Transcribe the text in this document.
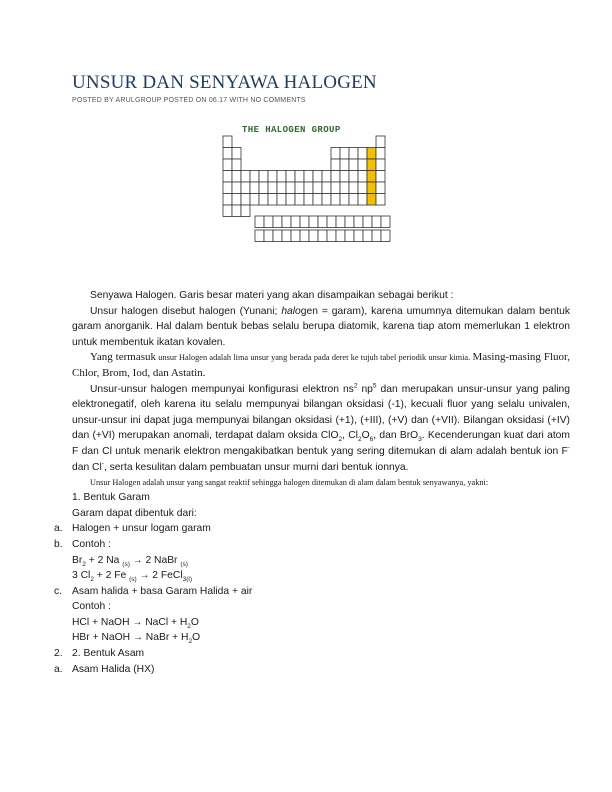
UNSUR DAN SENYAWA HALOGEN
POSTED BY ARULGROUP POSTED ON 06.17 WITH NO COMMENTS
THE HALOGEN GROUP

Senyawa Halogen. Garis besar materi yang akan disampaikan sebagai berikut :

Unsur halogen disebut halogen (Yunani; halogen = garam), karena umumnya ditemukan dalam bentuk garam anorganik. Hal dalam bentuk bebas selalu berupa diatomik, karena tiap atom memerlukan 1 elektron untuk membentuk ikatan kovalen.

Yang termasuk unsur Halogen adalah lima unsur yang berada pada deret ke tujuh tabel periodik unsur kimia. Masing-masing Fluor, Chlor, Brom, Iod, dan Astatin.

Unsur-unsur halogen mempunyai konfigurasi elektron $ns^2$ $np^5$ dan merupakan unsur-unsur yang paling elektronegatif, oleh karena itu selalu mempunyai bilangan oksidasi (-1), kecuali fluor yang selalu univalen, unsur-unsur ini dapat juga mempunyai bilangan oksidasi (+1), (+III), (+V) dan (+VII). Bilangan oksidasi (+IV) dan (+VI) merupakan anomali, terdapat dalam oksida ClO$_2$, $Cl_2O_6$, dan BrO$_3$. Kecenderungan kuat dari atom F dan Cl untuk menarik elektron mengakibatkan bentuk yang sering ditemukan di alam adalah bentuk ion F- dan Cl-, serta kesulitan dalam pembuatan unsur murni dari bentuk ionnya.

Unsur Halogen adalah unsur yang sangat reaktif sehingga halogen ditemukan di alam dalam bentuk senyawanya, yakni:

1. Bentuk Garam

Garam dapat dibentuk dari:

a. Halogen + unsur logam garam

b. Contoh :

$Br_2 + 2$ Na $_{(s)}$ → 2 NaBr $_{(s)}$

3 $Cl_2 + 2$ Fe $_{(s)}$ → 2 FeCl$_{3(l)}$

c. Asam halida + basa Garam Halida + air

Contoh :

HCl + NaOH → NaCl + $H_2O$

HBr + NaOH → NaBr + $H_2O$

2. 2. Bentuk Asam

a. Asam Halida (HX)
